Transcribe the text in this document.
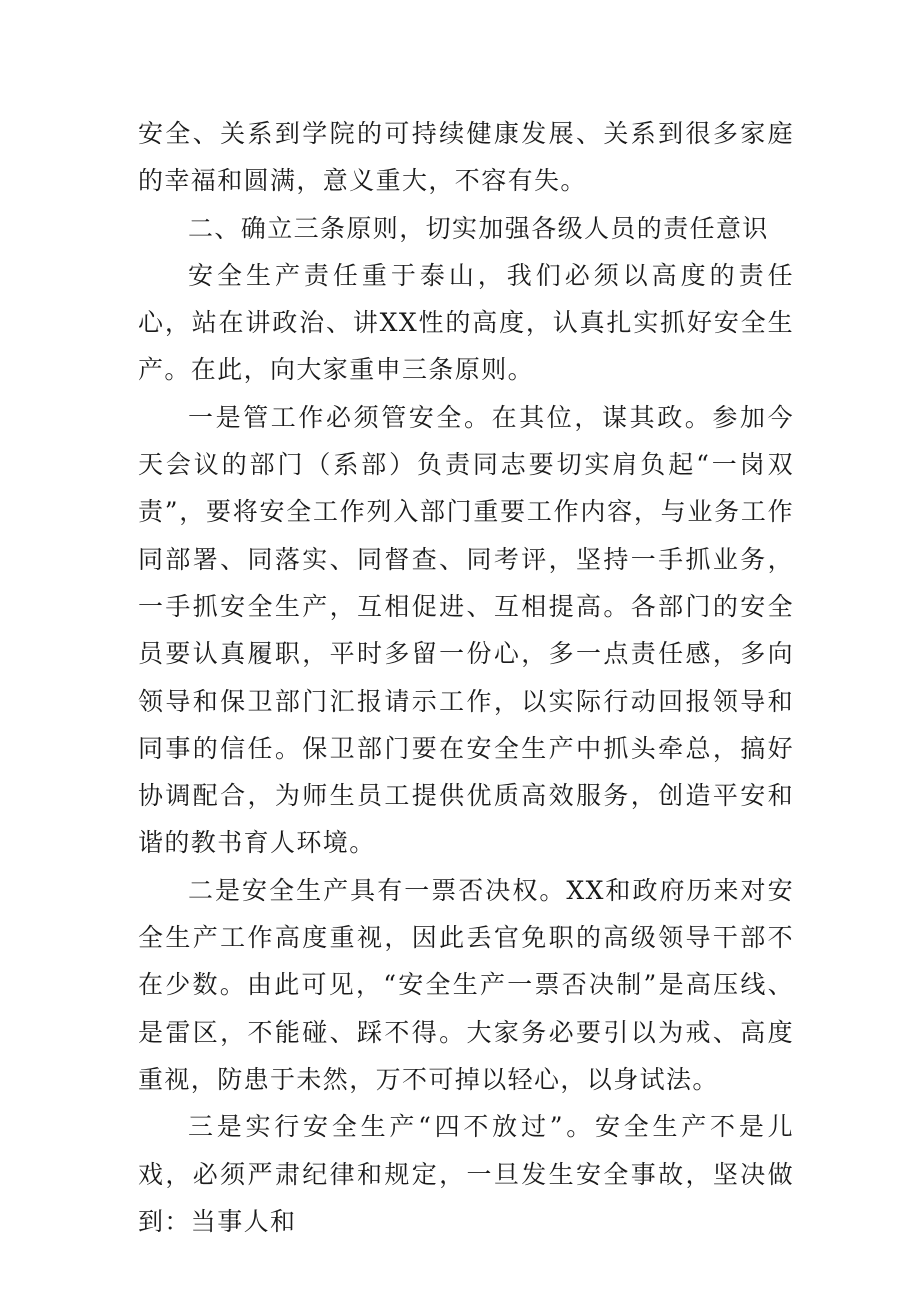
安全、关系到学院的可持续健康发展、关系到很多家庭的幸福和圆满，意义重大，不容有失。

二、确立三条原则，切实加强各级人员的责任意识

安全生产责任重于泰山，我们必须以高度的责任心，站在讲政治、讲XX性的高度，认真扎实抓好安全生产。在此，向大家重申三条原则。

一是管工作必须管安全。在其位，谋其政。参加今天会议的部门（系部）负责同志要切实肩负起“一岗双责”，要将安全工作列入部门重要工作内容，与业务工作同部署、同落实、同督查、同考评，坚持一手抓业务，一手抓安全生产，互相促进、互相提高。各部门的安全员要认真履职，平时多留一份心，多一点责任感，多向领导和保卫部门汇报请示工作，以实际行动回报领导和同事的信任。保卫部门要在安全生产中抓头牵总，搞好协调配合，为师生员工提供优质高效服务，创造平安和谐的教书育人环境。

二是安全生产具有一票否决权。XX和政府历来对安全生产工作高度重视，因此丢官免职的高级领导干部不在少数。由此可见，“安全生产一票否决制”是高压线、是雷区，不能碰、踩不得。大家务必要引以为戒、高度重视，防患于未然，万不可掉以轻心，以身试法。

三是实行安全生产“四不放过”。安全生产不是儿戏，必须严肃纪律和规定，一旦发生安全事故，坚决做到：当事人和
